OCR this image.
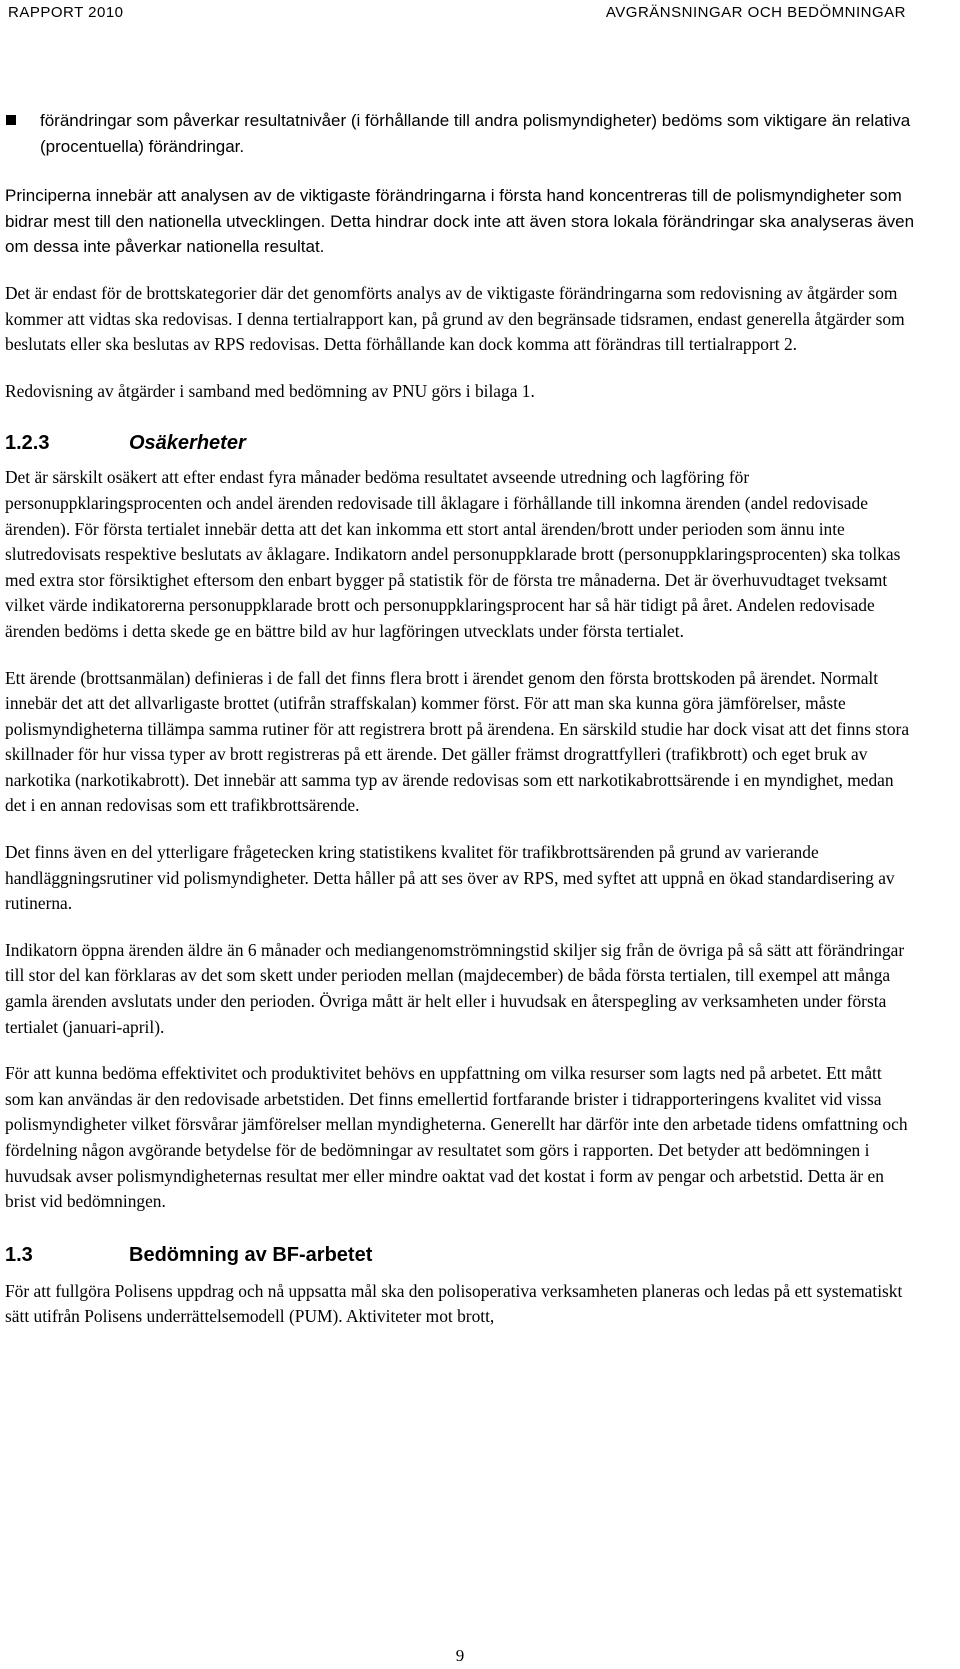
RAPPORT 2010	AVGRÄNSNINGAR OCH BEDÖMNINGAR
förändringar som påverkar resultatnivåer (i förhållande till andra polismyndigheter) bedöms som viktigare än relativa (procentuella) förändringar.

Principerna innebär att analysen av de viktigaste förändringarna i första hand koncentreras till de polismyndigheter som bidrar mest till den nationella utvecklingen. Detta hindrar dock inte att även stora lokala förändringar ska analyseras även om dessa inte påverkar nationella resultat.

Det är endast för de brottskategorier där det genomförts analys av de viktigaste förändringarna som redovisning av åtgärder som kommer att vidtas ska redovisas. I denna tertialrapport kan, på grund av den begränsade tidsramen, endast generella åtgärder som beslutats eller ska beslutas av RPS redovisas. Detta förhållande kan dock komma att förändras till tertialrapport 2.

Redovisning av åtgärder i samband med bedömning av PNU görs i bilaga 1.

1.2.3	Osäkerheter

Det är särskilt osäkert att efter endast fyra månader bedöma resultatet avseende utredning och lagföring för personuppklaringsprocenten och andel ärenden redovisade till åklagare i förhållande till inkomna ärenden (andel redovisade ärenden). För första tertialet innebär detta att det kan inkomma ett stort antal ärenden/brott under perioden som ännu inte slutredovisats respektive beslutats av åklagare. Indikatorn andel personuppklarade brott (personuppklaringsprocenten) ska tolkas med extra stor försiktighet eftersom den enbart bygger på statistik för de första tre månaderna. Det är överhuvudtaget tveksamt vilket värde indikatorerna personuppklarade brott och personuppklaringsprocent har så här tidigt på året. Andelen redovisade ärenden bedöms i detta skede ge en bättre bild av hur lagföringen utvecklats under första tertialet.

Ett ärende (brottsanmälan) definieras i de fall det finns flera brott i ärendet genom den första brottskoden på ärendet. Normalt innebär det att det allvarligaste brottet (utifrån straffskalan) kommer först. För att man ska kunna göra jämförelser, måste polismyndigheterna tillämpa samma rutiner för att registrera brott på ärendena. En särskild studie har dock visat att det finns stora skillnader för hur vissa typer av brott registreras på ett ärende. Det gäller främst drograttfylleri (trafikbrott) och eget bruk av narkotika (narkotikabrott). Det innebär att samma typ av ärende redovisas som ett narkotikabrottsärende i en myndighet, medan det i en annan redovisas som ett trafikbrottsärende.

Det finns även en del ytterligare frågetecken kring statistikens kvalitet för trafikbrottsärenden på grund av varierande handläggningsrutiner vid polismyndigheter. Detta håller på att ses över av RPS, med syftet att uppnå en ökad standardisering av rutinerna.

Indikatorn öppna ärenden äldre än 6 månader och mediangenomströmningstid skiljer sig från de övriga på så sätt att förändringar till stor del kan förklaras av det som skett under perioden mellan (majdecember) de båda första tertialen, till exempel att många gamla ärenden avslutats under den perioden. Övriga mått är helt eller i huvudsak en återspegling av verksamheten under första tertialet (januari-april).

För att kunna bedöma effektivitet och produktivitet behövs en uppfattning om vilka resurser som lagts ned på arbetet. Ett mått som kan användas är den redovisade arbetstiden. Det finns emellertid fortfarande brister i tidrapporteringens kvalitet vid vissa polismyndigheter vilket försvårar jämförelser mellan myndigheterna. Generellt har därför inte den arbetade tidens omfattning och fördelning någon avgörande betydelse för de bedömningar av resultatet som görs i rapporten. Det betyder att bedömningen i huvudsak avser polismyndigheternas resultat mer eller mindre oaktat vad det kostat i form av pengar och arbetstid. Detta är en brist vid bedömningen.

1.3	Bedömning av BF-arbetet

För att fullgöra Polisens uppdrag och nå uppsatta mål ska den polisoperativa verksamheten planeras och ledas på ett systematiskt sätt utifrån Polisens underrättelsemodell (PUM). Aktiviteter mot brott,

9
